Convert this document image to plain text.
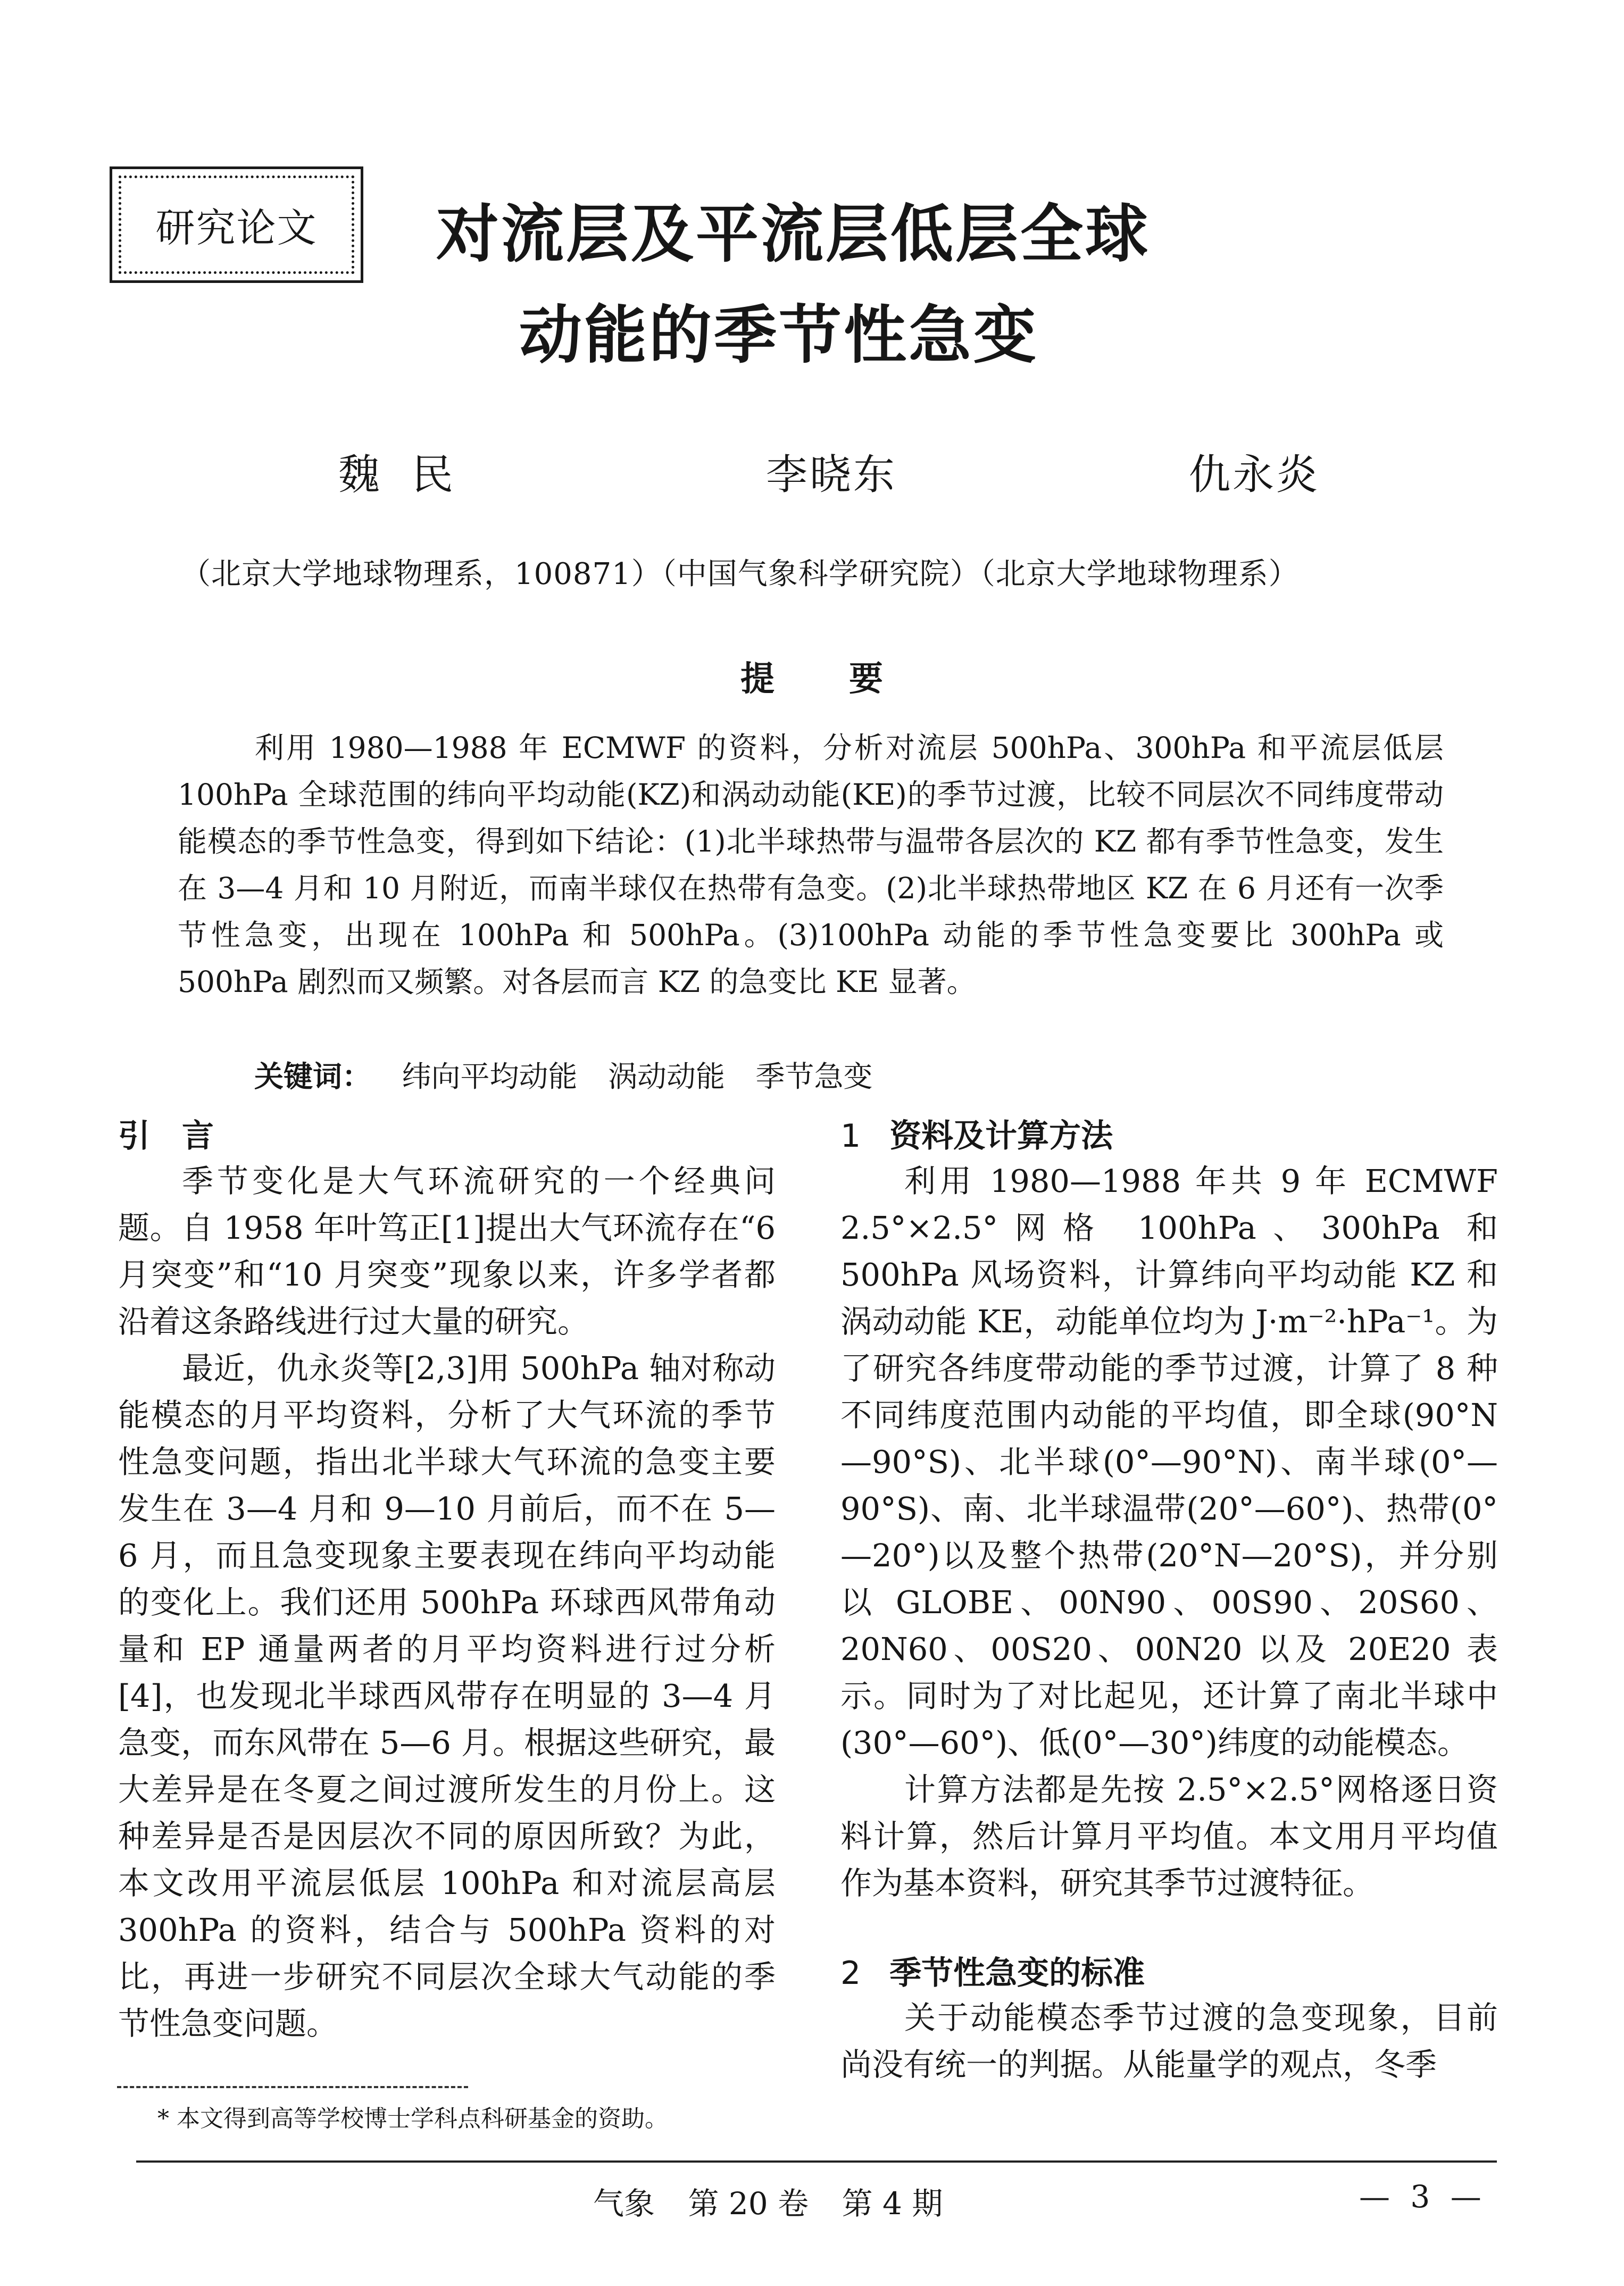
研究论文 对流层及平流层低层全球
动能的季节性急变
魏民	李晓东	仇永炎
（北京大学地球物理系，100871）（中国气象科学研究院）（北京大学地球物理系）
提要
利用 1980—1988 年 ECMWF 的资料，分析对流层 500hPa、300hPa 和平流层低层 100hPa 全球范围的纬向平均动能(KZ)和涡动动能(KE)的季节过渡，比较不同层次不同纬度带动能模态的季节性急变，得到如下结论：(1)北半球热带与温带各层次的 KZ 都有季节性急变，发生在 3—4 月和 10 月附近，而南半球仅在热带有急变。(2)北半球热带地区 KZ 在 6 月还有一次季节性急变，出现在 100hPa 和 500hPa。(3)100hPa 动能的季节性急变要比 300hPa 或 500hPa 剧烈而又频繁。对各层而言 KZ 的急变比 KE 显著。
关键词： 纬向平均动能 涡动动能 季节急变
引言

季节变化是大气环流研究的一个经典问题。自 1958 年叶笃正[1]提出大气环流存在“6 月突变”和“10 月突变”现象以来，许多学者都沿着这条路线进行过大量的研究。

最近，仇永炎等[2,3]用 500hPa 轴对称动能模态的月平均资料，分析了大气环流的季节性急变问题，指出北半球大气环流的急变主要发生在 3—4 月和 9—10 月前后，而不在 5—6 月，而且急变现象主要表现在纬向平均动能的变化上。我们还用 500hPa 环球西风带角动量和 EP 通量两者的月平均资料进行过分析[4]，也发现北半球西风带存在明显的 3—4 月急变，而东风带在 5—6 月。根据这些研究，最大差异是在冬夏之间过渡所发生的月份上。这种差异是否是因层次不同的原因所致？为此，本文改用平流层低层 100hPa 和对流层高层 300hPa 的资料，结合与 500hPa 资料的对比，再进一步研究不同层次全球大气动能的季节性急变问题。

1 资料及计算方法

利用 1980—1988 年共 9 年 ECMWF 2.5°×2.5°网格 100hPa、300hPa 和 500hPa 风场资料，计算纬向平均动能 KZ 和涡动动能 KE，动能单位均为 J·m⁻²·hPa⁻¹。为了研究各纬度带动能的季节过渡，计算了 8 种不同纬度范围内动能的平均值，即全球(90°N—90°S)、北半球(0°—90°N)、南半球(0°—90°S)、南、北半球温带(20°—60°)、热带(0°—20°)以及整个热带(20°N—20°S)，并分别以 GLOBE、00N90、00S90、20S60、20N60、00S20、00N20 以及 20E20 表示。同时为了对比起见，还计算了南北半球中(30°—60°)、低(0°—30°)纬度的动能模态。

计算方法都是先按 2.5°×2.5°网格逐日资料计算，然后计算月平均值。本文用月平均值作为基本资料，研究其季节过渡特征。

2 季节性急变的标准

关于动能模态季节过渡的急变现象，目前尚没有统一的判据。从能量学的观点，冬季

* 本文得到高等学校博士学科点科研基金的资助。
气象 第 20 卷 第 4 期	— 3 —
